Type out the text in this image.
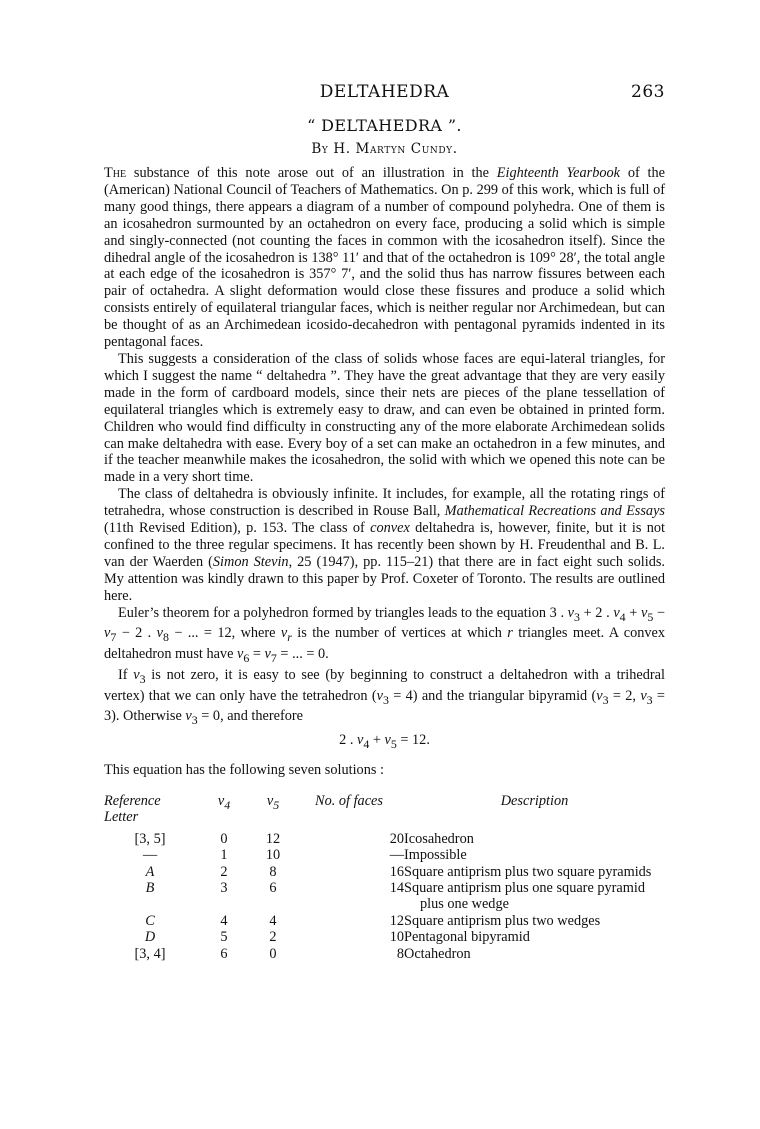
DELTAHEDRA	263
“ DELTAHEDRA ”.
By H. Martyn Cundy.

The substance of this note arose out of an illustration in the Eighteenth Yearbook of the (American) National Council of Teachers of Mathematics. On p. 299 of this work, which is full of many good things, there appears a diagram of a number of compound polyhedra. One of them is an icosahedron surmounted by an octahedron on every face, producing a solid which is simple and singly-connected (not counting the faces in common with the icosahedron itself). Since the dihedral angle of the icosahedron is 138° 11′ and that of the octahedron is 109° 28′, the total angle at each edge of the icosahedron is 357° 7′, and the solid thus has narrow fissures between each pair of octahedra. A slight deformation would close these fissures and produce a solid which consists entirely of equilateral triangular faces, which is neither regular nor Archimedean, but can be thought of as an Archimedean icosido-decahedron with pentagonal pyramids indented in its pentagonal faces.

This suggests a consideration of the class of solids whose faces are equi-lateral triangles, for which I suggest the name “ deltahedra ”. They have the great advantage that they are very easily made in the form of cardboard models, since their nets are pieces of the plane tessellation of equilateral triangles which is extremely easy to draw, and can even be obtained in printed form. Children who would find difficulty in constructing any of the more elaborate Archimedean solids can make deltahedra with ease. Every boy of a set can make an octahedron in a few minutes, and if the teacher meanwhile makes the icosahedron, the solid with which we opened this note can be made in a very short time.

The class of deltahedra is obviously infinite. It includes, for example, all the rotating rings of tetrahedra, whose construction is described in Rouse Ball, Mathematical Recreations and Essays (11th Revised Edition), p. 153. The class of convex deltahedra is, however, finite, but it is not confined to the three regular specimens. It has recently been shown by H. Freudenthal and B. L. van der Waerden (Simon Stevin, 25 (1947), pp. 115–21) that there are in fact eight such solids. My attention was kindly drawn to this paper by Prof. Coxeter of Toronto. The results are outlined here.

Euler’s theorem for a polyhedron formed by triangles leads to the equation 3 . $v_3 + 2$ . $v_4 + v_5 - v_7 - 2$ . $v_8$ − ... = 12, where $v_r$ is the number of vertices at which r triangles meet. A convex deltahedron must have $v_6 = v_7$ = ... = 0.

If $v_3$ is not zero, it is easy to see (by beginning to construct a deltahedron with a trihedral vertex) that we can only have the tetrahedron $(v_3 = 4)$ and the triangular bipyramid ($v_3 = 2$, $v_3 = 3$). Otherwise $v_3 = 0$, and therefore

2 . $v_4 + v_5 = 12$.
This equation has the following seven solutions :
Reference Letter	$v_4$	$v_5$	No. of faces	Description
[3, 5]	0	12	20	Icosahedron

—	1	10	—	Impossible

A	2	8	16	Square antiprism plus two square pyramids

B	3	6	14	Square antiprism plus one square pyramid plus one wedge

C	4	4	12	Square antiprism plus two wedges

D	5	2	10	Pentagonal bipyramid

[3, 4]	6	0	8	Octahedron
